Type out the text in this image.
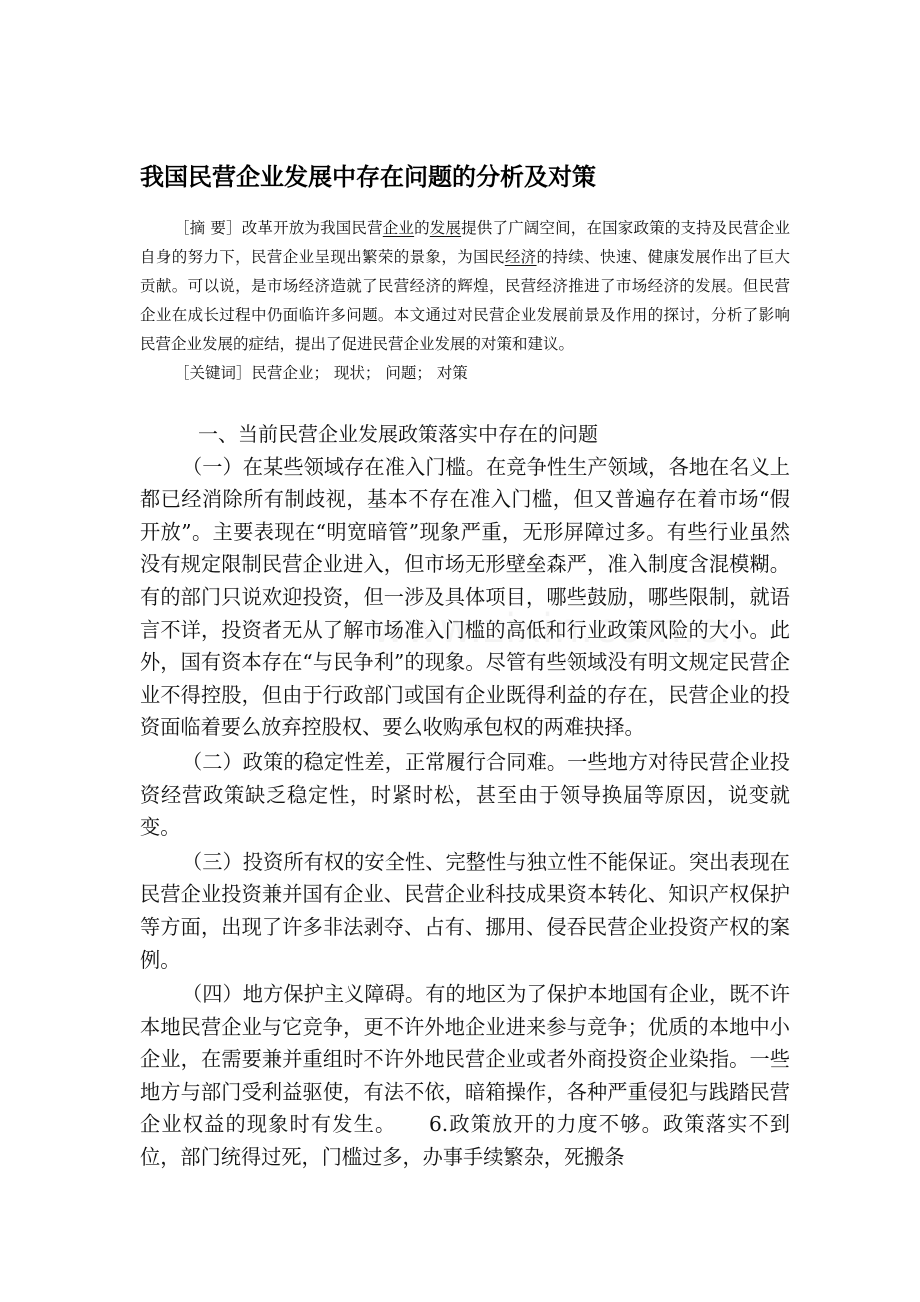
我国民营企业发展中存在问题的分析及对策

［摘 要］改革开放为我国民营企业的发展提供了广阔空间，在国家政策的支持及民营企业自身的努力下，民营企业呈现出繁荣的景象，为国民经济的持续、快速、健康发展作出了巨大贡献。可以说，是市场经济造就了民营经济的辉煌，民营经济推进了市场经济的发展。但民营企业在成长过程中仍面临许多问题。本文通过对民营企业发展前景及作用的探讨，分析了影响民营企业发展的症结，提出了促进民营企业发展的对策和建议。

［关键词］民营企业； 现状； 问题； 对策

一、当前民营企业发展政策落实中存在的问题

（一）在某些领域存在准入门槛。在竞争性生产领域，各地在名义上都已经消除所有制歧视，基本不存在准入门槛，但又普遍存在着市场“假开放”。主要表现在“明宽暗管”现象严重，无形屏障过多。有些行业虽然没有规定限制民营企业进入，但市场无形壁垒森严，准入制度含混模糊。有的部门只说欢迎投资，但一涉及具体项目，哪些鼓励，哪些限制，就语言不详，投资者无从了解市场准入门槛的高低和行业政策风险的大小。此外，国有资本存在“与民争利”的现象。尽管有些领域没有明文规定民营企业不得控股，但由于行政部门或国有企业既得利益的存在，民营企业的投资面临着要么放弃控股权、要么收购承包权的两难抉择。

（二）政策的稳定性差，正常履行合同难。一些地方对待民营企业投资经营政策缺乏稳定性，时紧时松，甚至由于领导换届等原因，说变就变。

（三）投资所有权的安全性、完整性与独立性不能保证。突出表现在民营企业投资兼并国有企业、民营企业科技成果资本转化、知识产权保护等方面，出现了许多非法剥夺、占有、挪用、侵吞民营企业投资产权的案例。

（四）地方保护主义障碍。有的地区为了保护本地国有企业，既不许本地民营企业与它竞争，更不许外地企业进来参与竞争；优质的本地中小企业，在需要兼并重组时不许外地民营企业或者外商投资企业染指。一些地方与部门受利益驱使，有法不依，暗箱操作，各种严重侵犯与践踏民营企业权益的现象时有发生。　　6.政策放开的力度不够。政策落实不到位，部门统得过死，门槛过多，办事手续繁杂，死搬条
